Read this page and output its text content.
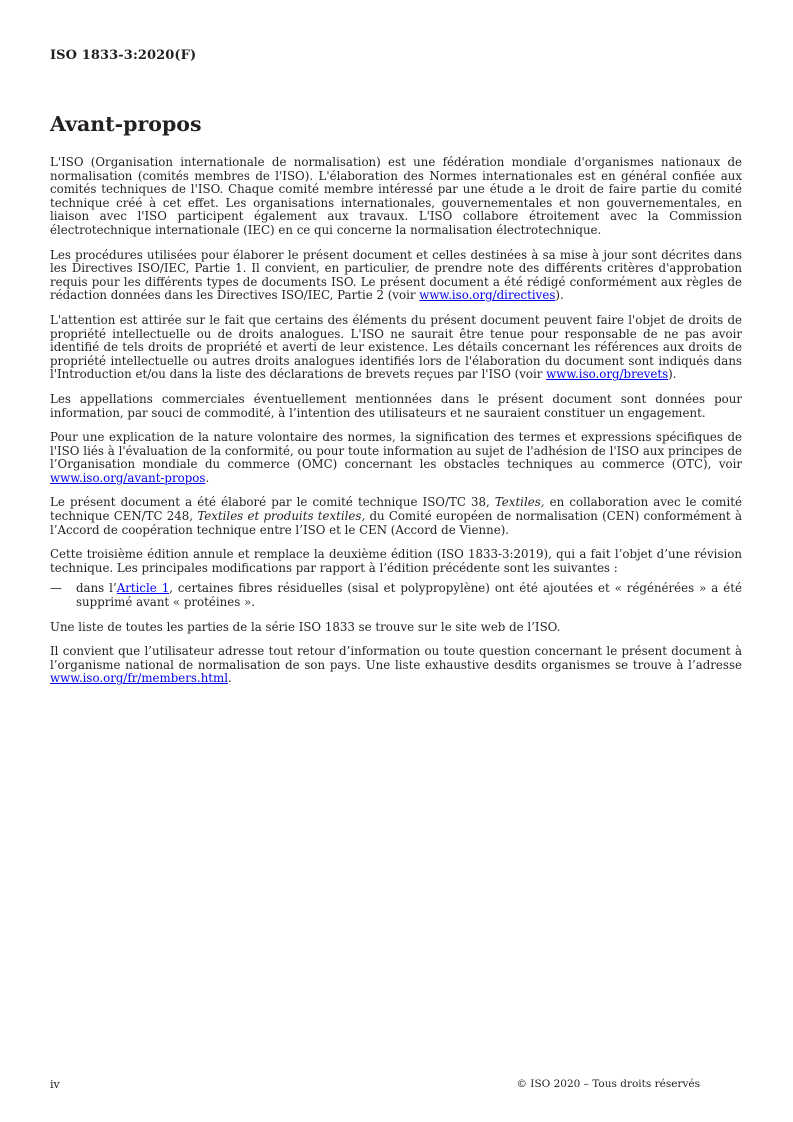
ISO 1833-3:2020(F)
Avant-propos

L'ISO (Organisation internationale de normalisation) est une fédération mondiale d'organismes nationaux de normalisation (comités membres de l'ISO). L'élaboration des Normes internationales est en général confiée aux comités techniques de l'ISO. Chaque comité membre intéressé par une étude a le droit de faire partie du comité technique créé à cet effet. Les organisations internationales, gouvernementales et non gouvernementales, en liaison avec l'ISO participent également aux travaux. L'ISO collabore étroitement avec la Commission électrotechnique internationale (IEC) en ce qui concerne la normalisation électrotechnique.

Les procédures utilisées pour élaborer le présent document et celles destinées à sa mise à jour sont décrites dans les Directives ISO/IEC, Partie 1. Il convient, en particulier, de prendre note des différents critères d'approbation requis pour les différents types de documents ISO. Le présent document a été rédigé conformément aux règles de rédaction données dans les Directives ISO/IEC, Partie 2 (voir www.iso.org/directives).

L'attention est attirée sur le fait que certains des éléments du présent document peuvent faire l'objet de droits de propriété intellectuelle ou de droits analogues. L'ISO ne saurait être tenue pour responsable de ne pas avoir identifié de tels droits de propriété et averti de leur existence. Les détails concernant les références aux droits de propriété intellectuelle ou autres droits analogues identifiés lors de l'élaboration du document sont indiqués dans l'Introduction et/ou dans la liste des déclarations de brevets reçues par l'ISO (voir www.iso.org/brevets).

Les appellations commerciales éventuellement mentionnées dans le présent document sont données pour information, par souci de commodité, à l’intention des utilisateurs et ne sauraient constituer un engagement.

Pour une explication de la nature volontaire des normes, la signification des termes et expressions spécifiques de l'ISO liés à l'évaluation de la conformité, ou pour toute information au sujet de l'adhésion de l'ISO aux principes de l’Organisation mondiale du commerce (OMC) concernant les obstacles techniques au commerce (OTC), voir www.iso.org/avant-propos.

Le présent document a été élaboré par le comité technique ISO/TC 38, Textiles, en collaboration avec le comité technique CEN/TC 248, Textiles et produits textiles, du Comité européen de normalisation (CEN) conformément à l’Accord de coopération technique entre l’ISO et le CEN (Accord de Vienne).

Cette troisième édition annule et remplace la deuxième édition (ISO 1833-3:2019), qui a fait l’objet d’une révision technique. Les principales modifications par rapport à l’édition précédente sont les suivantes :

—	dans l’Article 1, certaines fibres résiduelles (sisal et polypropylène) ont été ajoutées et « régénérées » a été supprimé avant « protéines ».

Une liste de toutes les parties de la série ISO 1833 se trouve sur le site web de l’ISO.

Il convient que l’utilisateur adresse tout retour d’information ou toute question concernant le présent document à l’organisme national de normalisation de son pays. Une liste exhaustive desdits organismes se trouve à l’adresse www.iso.org/fr/members.html.

iv	© ISO 2020 – Tous droits réservés
